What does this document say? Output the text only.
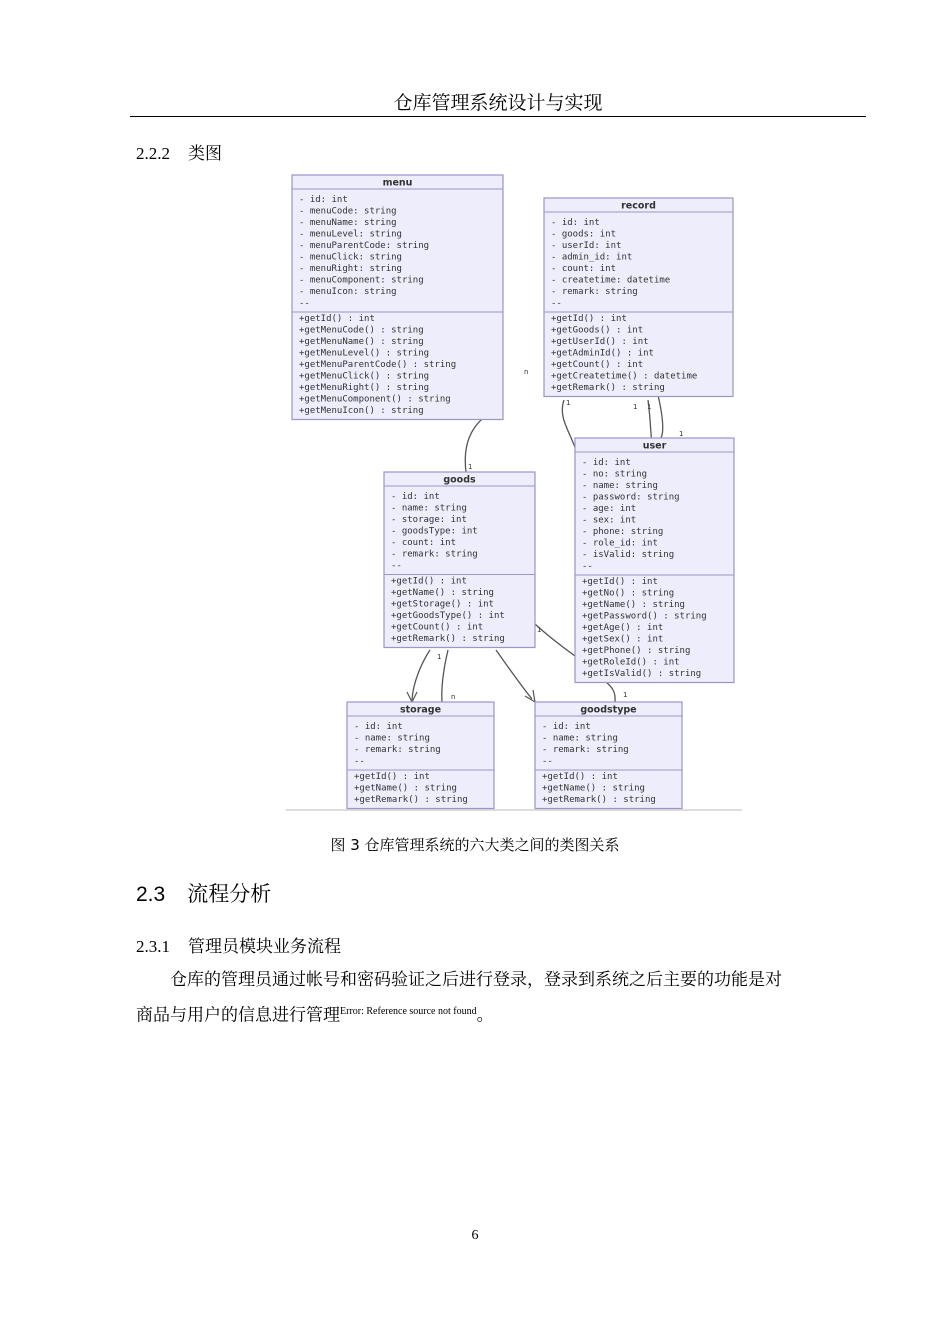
仓库管理系统设计与实现
2.2.2 类图
menu
- id: int
- menuCode: string
- menuName: string
- menuLevel: string
- menuParentCode: string
- menuClick: string
- menuRight: string
- menuComponent: string
- menuIcon: string
--
+getId() : int
+getMenuCode() : string
+getMenuName() : string
+getMenuLevel() : string
+getMenuParentCode() : string
+getMenuClick() : string
+getMenuRight() : string
+getMenuComponent() : string
+getMenuIcon() : string
record
- id: int
- goods: int
- userId: int
- admin_id: int
- count: int
- createtime: datetime
- remark: string
--
+getId() : int
+getGoods() : int
+getUserId() : int
+getAdminId() : int
+getCount() : int
+getCreatetime() : datetime
+getRemark() : string
user
- id: int
- no: string
- name: string
- password: string
- age: int
- sex: int
- phone: string
- role_id: int
- isValid: string
--
+getId() : int
+getNo() : string
+getName() : string
+getPassword() : string
+getAge() : int
+getSex() : int
+getPhone() : string
+getRoleId() : int
+getIsValid() : string
goods
- id: int
- name: string
- storage: int
- goodsType: int
- count: int
- remark: string
--
+getId() : int
+getName() : string
+getStorage() : int
+getGoodsType() : int
+getCount() : int
+getRemark() : string
storage
- id: int
- name: string
- remark: string
--
+getId() : int
+getName() : string
+getRemark() : string
goodstype
- id: int
- name: string
- remark: string
--
+getId() : int
+getName() : string
+getRemark() : string
n
1
1	1 1
1
1
n	1
1
图 3 仓库管理系统的六大类之间的类图关系
2.3 流程分析
2.3.1 管理员模块业务流程
仓库的管理员通过帐号和密码验证之后进行登录，登录到系统之后主要的功能是对
商品与用户的信息进行管理$^{Error: Reference source not found}$。
6
